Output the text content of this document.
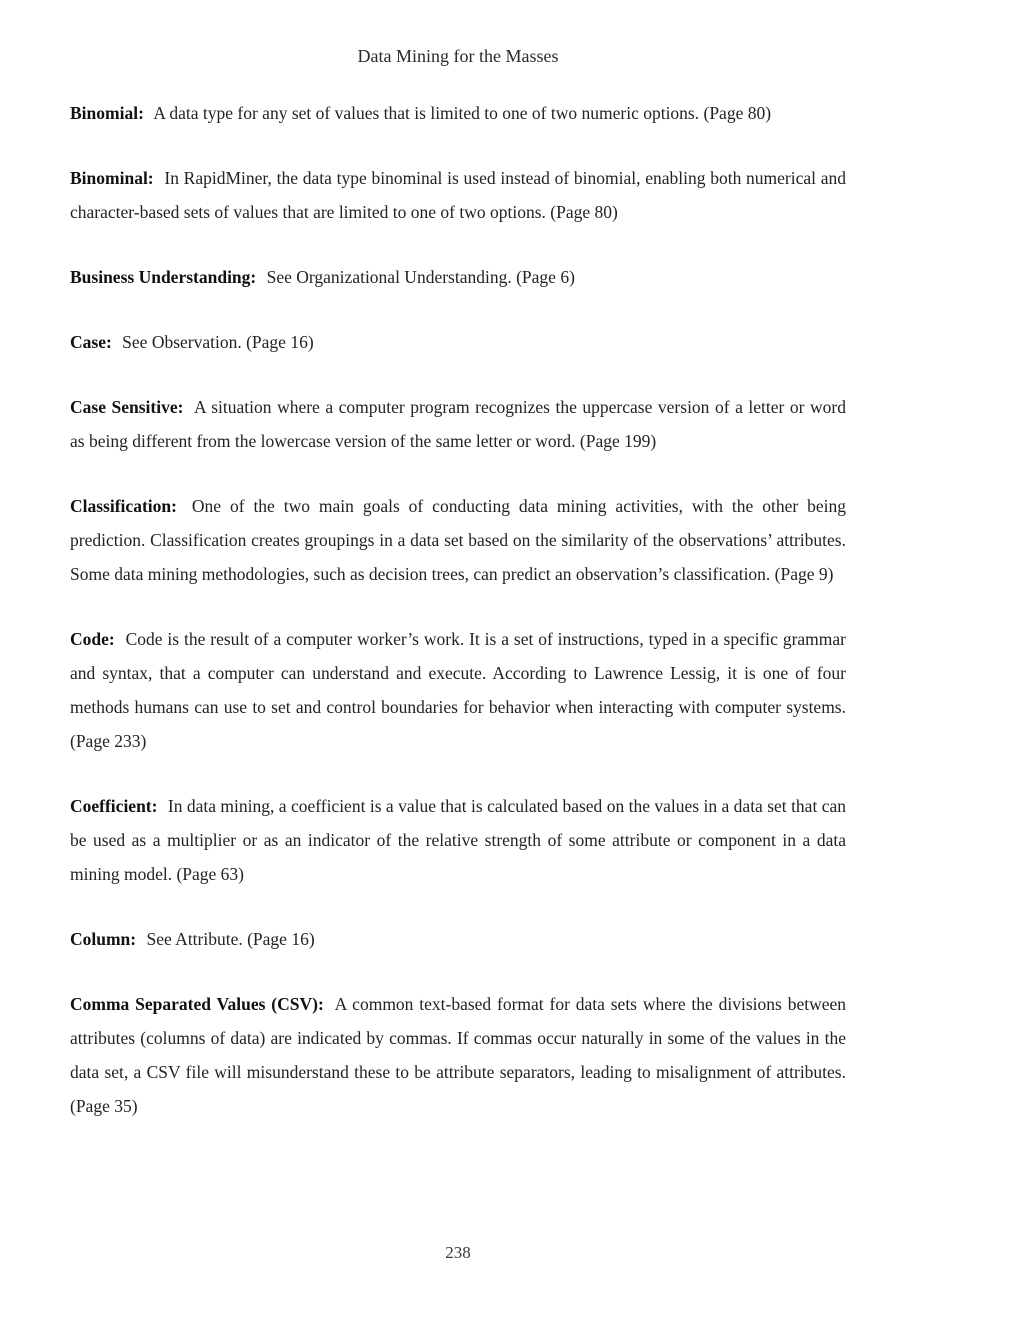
Data Mining for the Masses

Binomial: A data type for any set of values that is limited to one of two numeric options. (Page 80)

Binominal: In RapidMiner, the data type binominal is used instead of binomial, enabling both numerical and character-based sets of values that are limited to one of two options. (Page 80)

Business Understanding: See Organizational Understanding. (Page 6)

Case: See Observation. (Page 16)

Case Sensitive: A situation where a computer program recognizes the uppercase version of a letter or word as being different from the lowercase version of the same letter or word. (Page 199)

Classification: One of the two main goals of conducting data mining activities, with the other being prediction. Classification creates groupings in a data set based on the similarity of the observations’ attributes. Some data mining methodologies, such as decision trees, can predict an observation’s classification. (Page 9)

Code: Code is the result of a computer worker’s work. It is a set of instructions, typed in a specific grammar and syntax, that a computer can understand and execute. According to Lawrence Lessig, it is one of four methods humans can use to set and control boundaries for behavior when interacting with computer systems. (Page 233)

Coefficient: In data mining, a coefficient is a value that is calculated based on the values in a data set that can be used as a multiplier or as an indicator of the relative strength of some attribute or component in a data mining model. (Page 63)

Column: See Attribute. (Page 16)

Comma Separated Values (CSV): A common text-based format for data sets where the divisions between attributes (columns of data) are indicated by commas. If commas occur naturally in some of the values in the data set, a CSV file will misunderstand these to be attribute separators, leading to misalignment of attributes. (Page 35)

238
